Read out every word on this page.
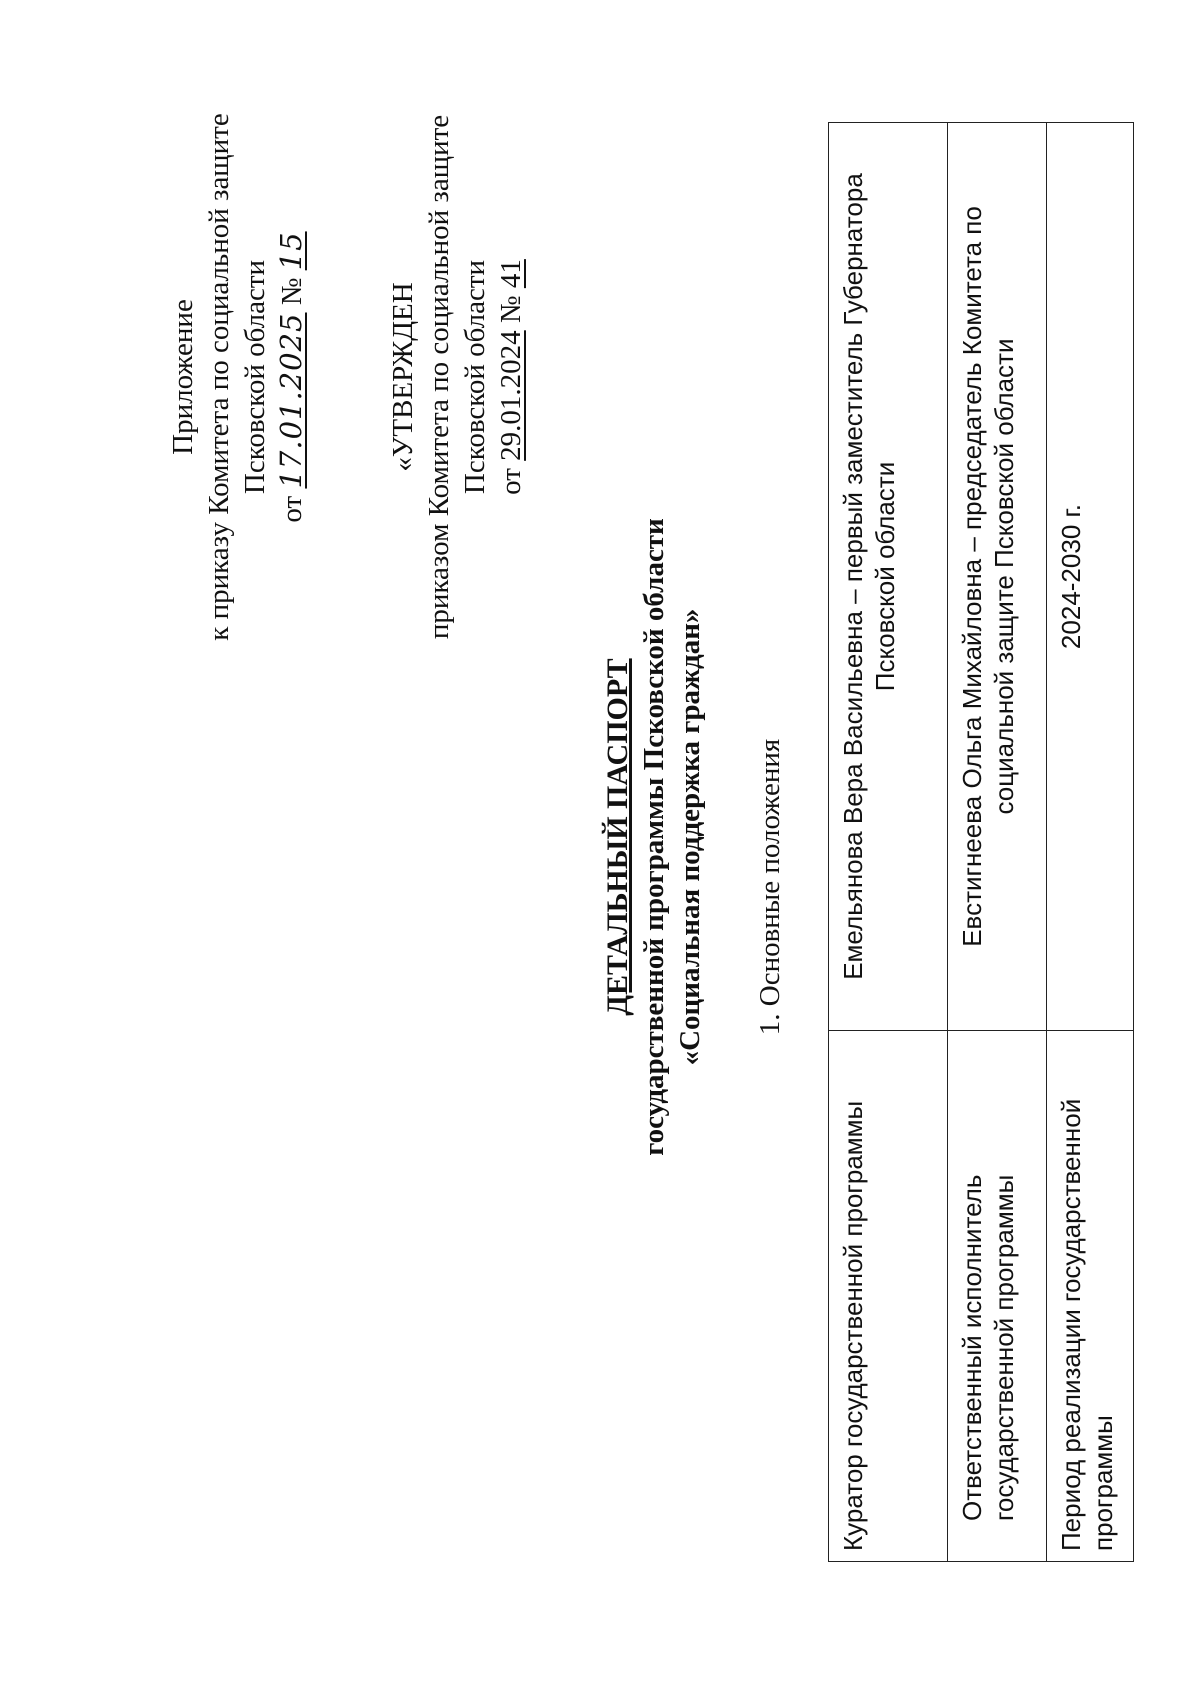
Приложение к приказу Комитета по социальной защите Псковской области
от 17.01.2025 № 15
«УТВЕРЖДЕН приказом Комитета по социальной защите Псковской области от 29.01.2024 № 41
ДЕТАЛЬНЫЙ ПАСПОРТ государственной программы Псковской области «Социальная поддержка граждан» 1. Основные положения
Куратор государственной программы	Емельянова Вера Васильевна – первый заместитель Губернатора Псковской области
Ответственный исполнитель государственной программы	Евстигнеева Ольга Михайловна – председатель Комитета по социальной защите Псковской области
Период реализации государственной программы	2024-2030 г.
